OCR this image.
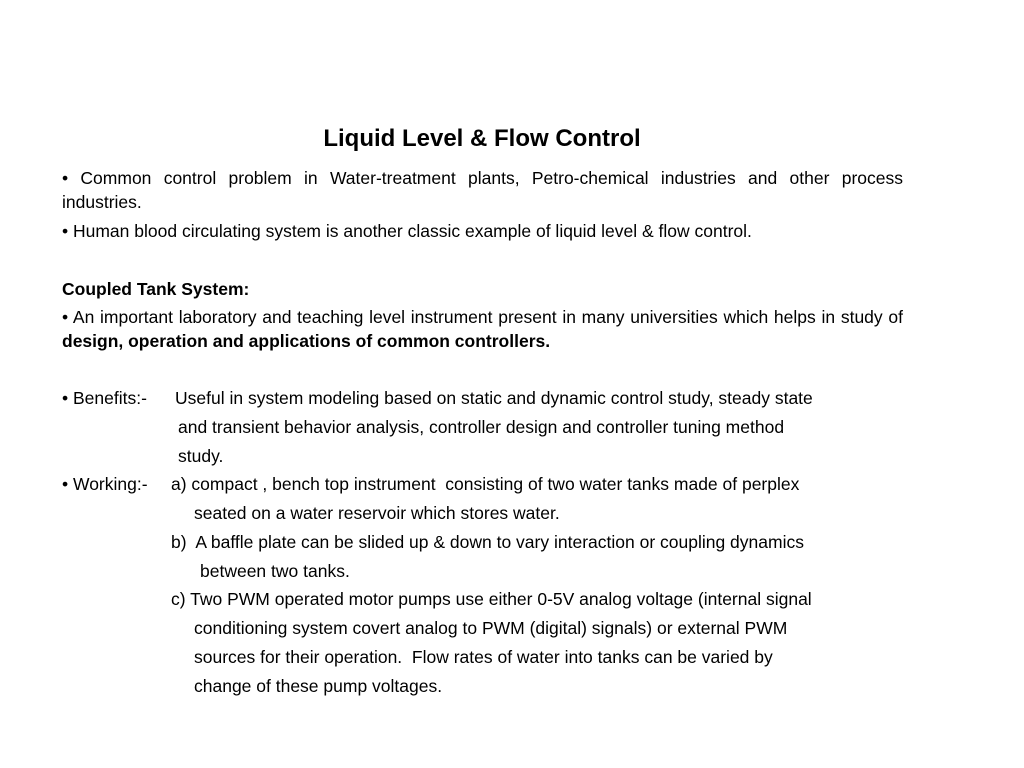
Liquid Level & Flow Control
• Common control problem in Water-treatment plants, Petro-chemical industries and other process industries.
• Human blood circulating system is another classic example of liquid level & flow control.
Coupled Tank System:
• An important laboratory and teaching level instrument present in many universities which helps in study of design, operation and applications of common controllers.
• Benefits:- Useful in system modeling based on static and dynamic control study, steady state
and transient behavior analysis, controller design and controller tuning method
study.
• Working:- a) compact , bench top instrument  consisting of two water tanks made of perplex
seated on a water reservoir which stores water.
b)  A baffle plate can be slided up & down to vary interaction or coupling dynamics
between two tanks.
c) Two PWM operated motor pumps use either 0-5V analog voltage (internal signal
conditioning system covert analog to PWM (digital) signals) or external PWM
sources for their operation.  Flow rates of water into tanks can be varied by
change of these pump voltages.
